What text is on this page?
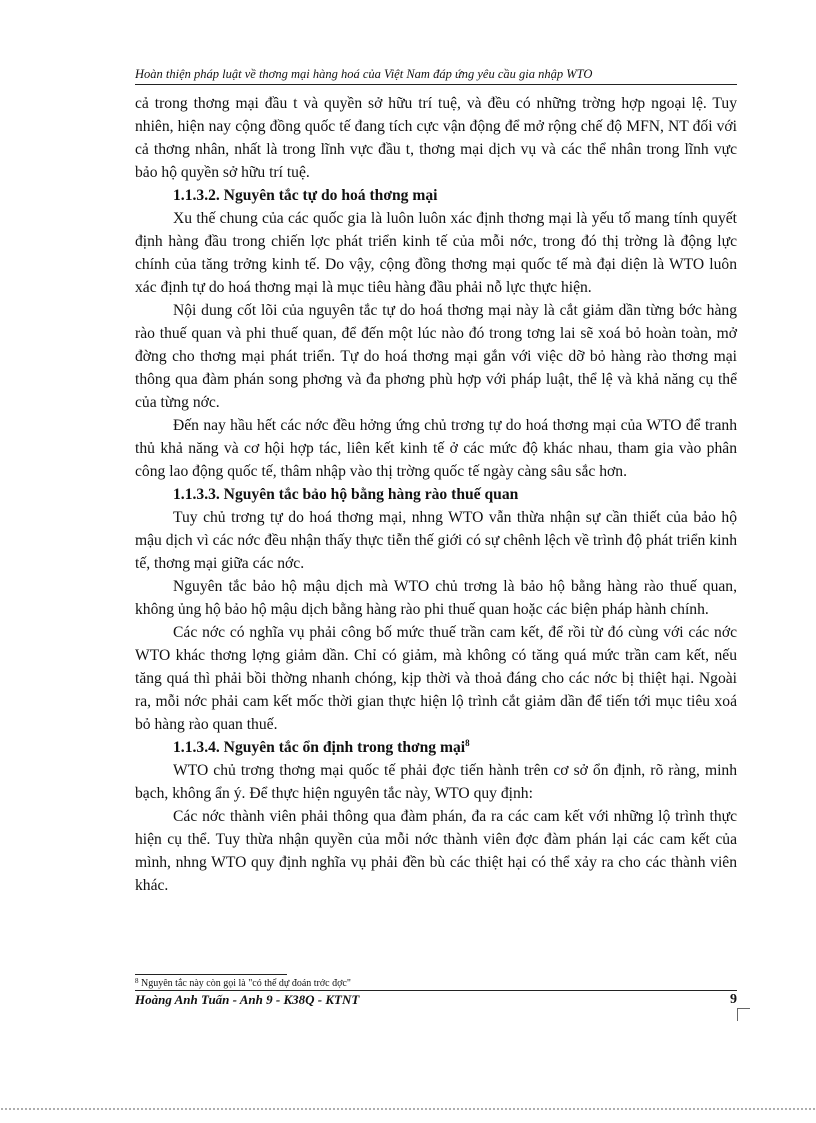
Hoàn thiện pháp luật về thơng mại hàng hoá của Việt Nam đáp ứng yêu cầu gia nhập WTO

cả trong thơng mại đầu t và quyền sở hữu trí tuệ, và đều có những trờng hợp ngoại lệ. Tuy nhiên, hiện nay cộng đồng quốc tế đang tích cực vận động để mở rộng chế độ MFN, NT đối với cả thơng nhân, nhất là trong lĩnh vực đầu t, thơng mại dịch vụ và các thể nhân trong lĩnh vực bảo hộ quyền sở hữu trí tuệ.

1.1.3.2. Nguyên tắc tự do hoá thơng mại

Xu thế chung của các quốc gia là luôn luôn xác định thơng mại là yếu tố mang tính quyết định hàng đầu trong chiến lợc phát triển kinh tế của mỗi nớc, trong đó thị trờng là động lực chính của tăng trởng kinh tế. Do vậy, cộng đồng thơng mại quốc tế mà đại diện là WTO luôn xác định tự do hoá thơng mại là mục tiêu hàng đầu phải nỗ lực thực hiện.

Nội dung cốt lõi của nguyên tắc tự do hoá thơng mại này là cắt giảm dần từng bớc hàng rào thuế quan và phi thuế quan, để đến một lúc nào đó trong tơng lai sẽ xoá bỏ hoàn toàn, mở đờng cho thơng mại phát triển. Tự do hoá thơng mại gắn với việc dỡ bỏ hàng rào thơng mại thông qua đàm phán song phơng và đa phơng phù hợp với pháp luật, thể lệ và khả năng cụ thể của từng nớc.

Đến nay hầu hết các nớc đều hởng ứng chủ trơng tự do hoá thơng mại của WTO để tranh thủ khả năng và cơ hội hợp tác, liên kết kinh tế ở các mức độ khác nhau, tham gia vào phân công lao động quốc tế, thâm nhập vào thị trờng quốc tế ngày càng sâu sắc hơn.

1.1.3.3. Nguyên tắc bảo hộ bằng hàng rào thuế quan

Tuy chủ trơng tự do hoá thơng mại, nhng WTO vẫn thừa nhận sự cần thiết của bảo hộ mậu dịch vì các nớc đều nhận thấy thực tiễn thế giới có sự chênh lệch về trình độ phát triển kinh tế, thơng mại giữa các nớc.

Nguyên tắc bảo hộ mậu dịch mà WTO chủ trơng là bảo hộ bằng hàng rào thuế quan, không ủng hộ bảo hộ mậu dịch bằng hàng rào phi thuế quan hoặc các biện pháp hành chính.

Các nớc có nghĩa vụ phải công bố mức thuế trần cam kết, để rồi từ đó cùng với các nớc WTO khác thơng lợng giảm dần. Chỉ có giảm, mà không có tăng quá mức trần cam kết, nếu tăng quá thì phải bồi thờng nhanh chóng, kịp thời và thoả đáng cho các nớc bị thiệt hại. Ngoài ra, mỗi nớc phải cam kết mốc thời gian thực hiện lộ trình cắt giảm dần để tiến tới mục tiêu xoá bỏ hàng rào quan thuế.

1.1.3.4. Nguyên tắc ổn định trong thơng mại$^8$

WTO chủ trơng thơng mại quốc tế phải đợc tiến hành trên cơ sở ổn định, rõ ràng, minh bạch, không ẩn ý. Để thực hiện nguyên tắc này, WTO quy định:

Các nớc thành viên phải thông qua đàm phán, đa ra các cam kết với những lộ trình thực hiện cụ thể. Tuy thừa nhận quyền của mỗi nớc thành viên đợc đàm phán lại các cam kết của mình, nhng WTO quy định nghĩa vụ phải đền bù các thiệt hại có thể xảy ra cho các thành viên khác.

$^8$ Nguyên tắc này còn gọi là "có thể dự đoán trớc đợc"
Hoàng Anh Tuấn - Anh 9 - K38Q - KTNT	9
